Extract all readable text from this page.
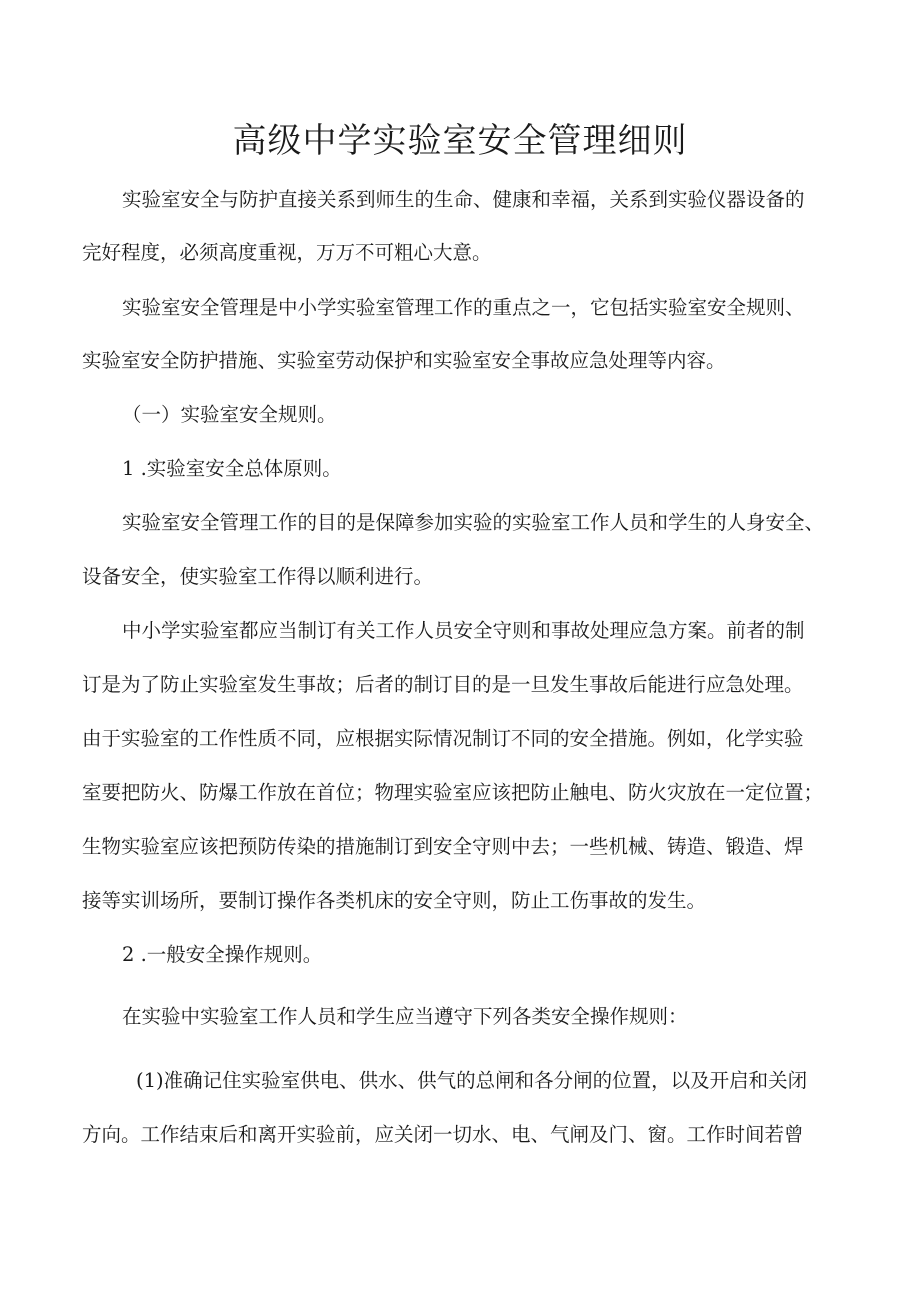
高级中学实验室安全管理细则

实验室安全与防护直接关系到师生的生命、健康和幸福，关系到实验仪器设备的

完好程度，必须高度重视，万万不可粗心大意。

实验室安全管理是中小学实验室管理工作的重点之一，它包括实验室安全规则、

实验室安全防护措施、实验室劳动保护和实验室安全事故应急处理等内容。

（一）实验室安全规则。

1 .实验室安全总体原则。

实验室安全管理工作的目的是保障参加实验的实验室工作人员和学生的人身安全、

设备安全，使实验室工作得以顺利进行。

中小学实验室都应当制订有关工作人员安全守则和事故处理应急方案。前者的制

订是为了防止实验室发生事故；后者的制订目的是一旦发生事故后能进行应急处理。

由于实验室的工作性质不同，应根据实际情况制订不同的安全措施。例如，化学实验

室要把防火、防爆工作放在首位；物理实验室应该把防止触电、防火灾放在一定位置；

生物实验室应该把预防传染的措施制订到安全守则中去；一些机械、铸造、锻造、焊

接等实训场所，要制订操作各类机床的安全守则，防止工伤事故的发生。

2 .一般安全操作规则。

在实验中实验室工作人员和学生应当遵守下列各类安全操作规则：

(1)准确记住实验室供电、供水、供气的总闸和各分闸的位置，以及开启和关闭

方向。工作结束后和离开实验前，应关闭一切水、电、气闸及门、窗。工作时间若曾
